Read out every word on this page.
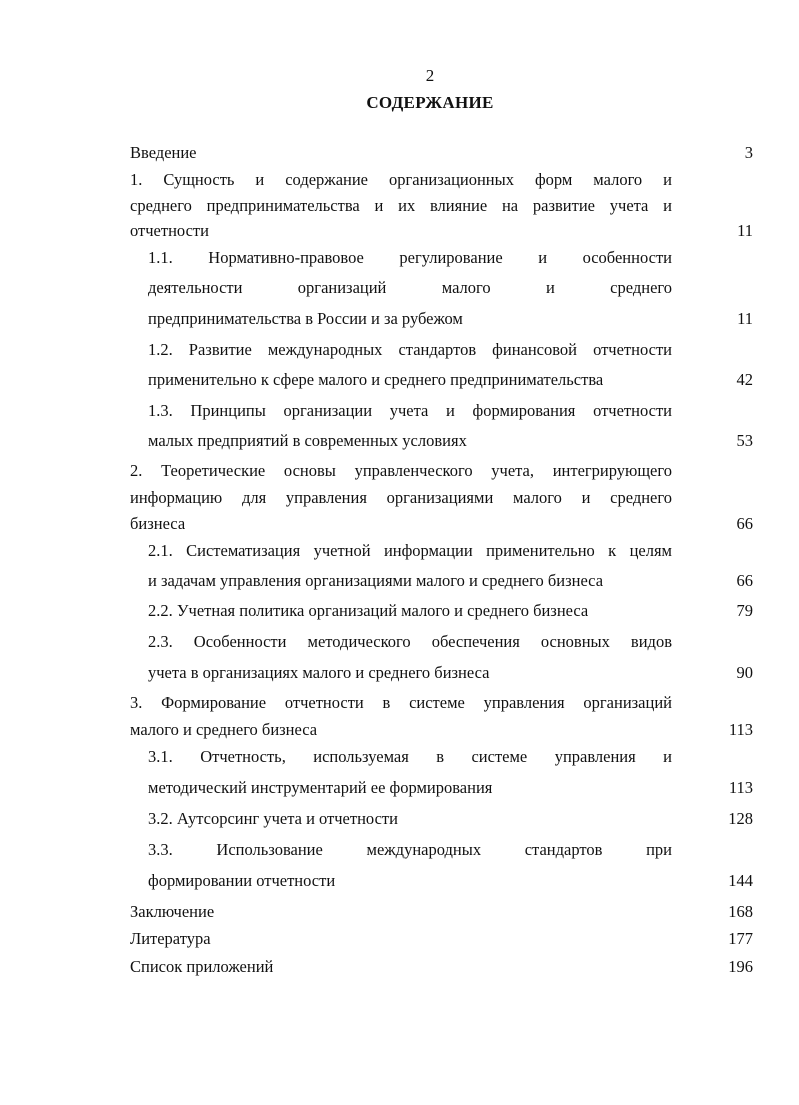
2
СОДЕРЖАНИЕ
Введение	3
1. Сущность и содержание организационных форм малого и
среднего предпринимательства и их влияние на развитие учета и
отчетности	11
1.1. Нормативно-правовое регулирование и особенности
деятельности организаций малого и среднего
предпринимательства в России и за рубежом	11
1.2. Развитие международных стандартов финансовой отчетности
применительно к сфере малого и среднего предпринимательства	42
1.3. Принципы организации учета и формирования отчетности
малых предприятий в современных условиях	53
2. Теоретические основы управленческого учета, интегрирующего
информацию для управления организациями малого и среднего
бизнеса	66
2.1. Систематизация учетной информации применительно к целям
и задачам управления организациями малого и среднего бизнеса	66
2.2. Учетная политика организаций малого и среднего бизнеса	79
2.3. Особенности методического обеспечения основных видов
учета в организациях малого и среднего бизнеса	90
3. Формирование отчетности в системе управления организаций
малого и среднего бизнеса	113
3.1. Отчетность, используемая в системе управления и
методический инструментарий ее формирования	113
3.2. Аутсорсинг учета и отчетности	128
3.3. Использование международных стандартов при
формировании отчетности	144
Заключение	168
Литература	177
Список приложений	196
